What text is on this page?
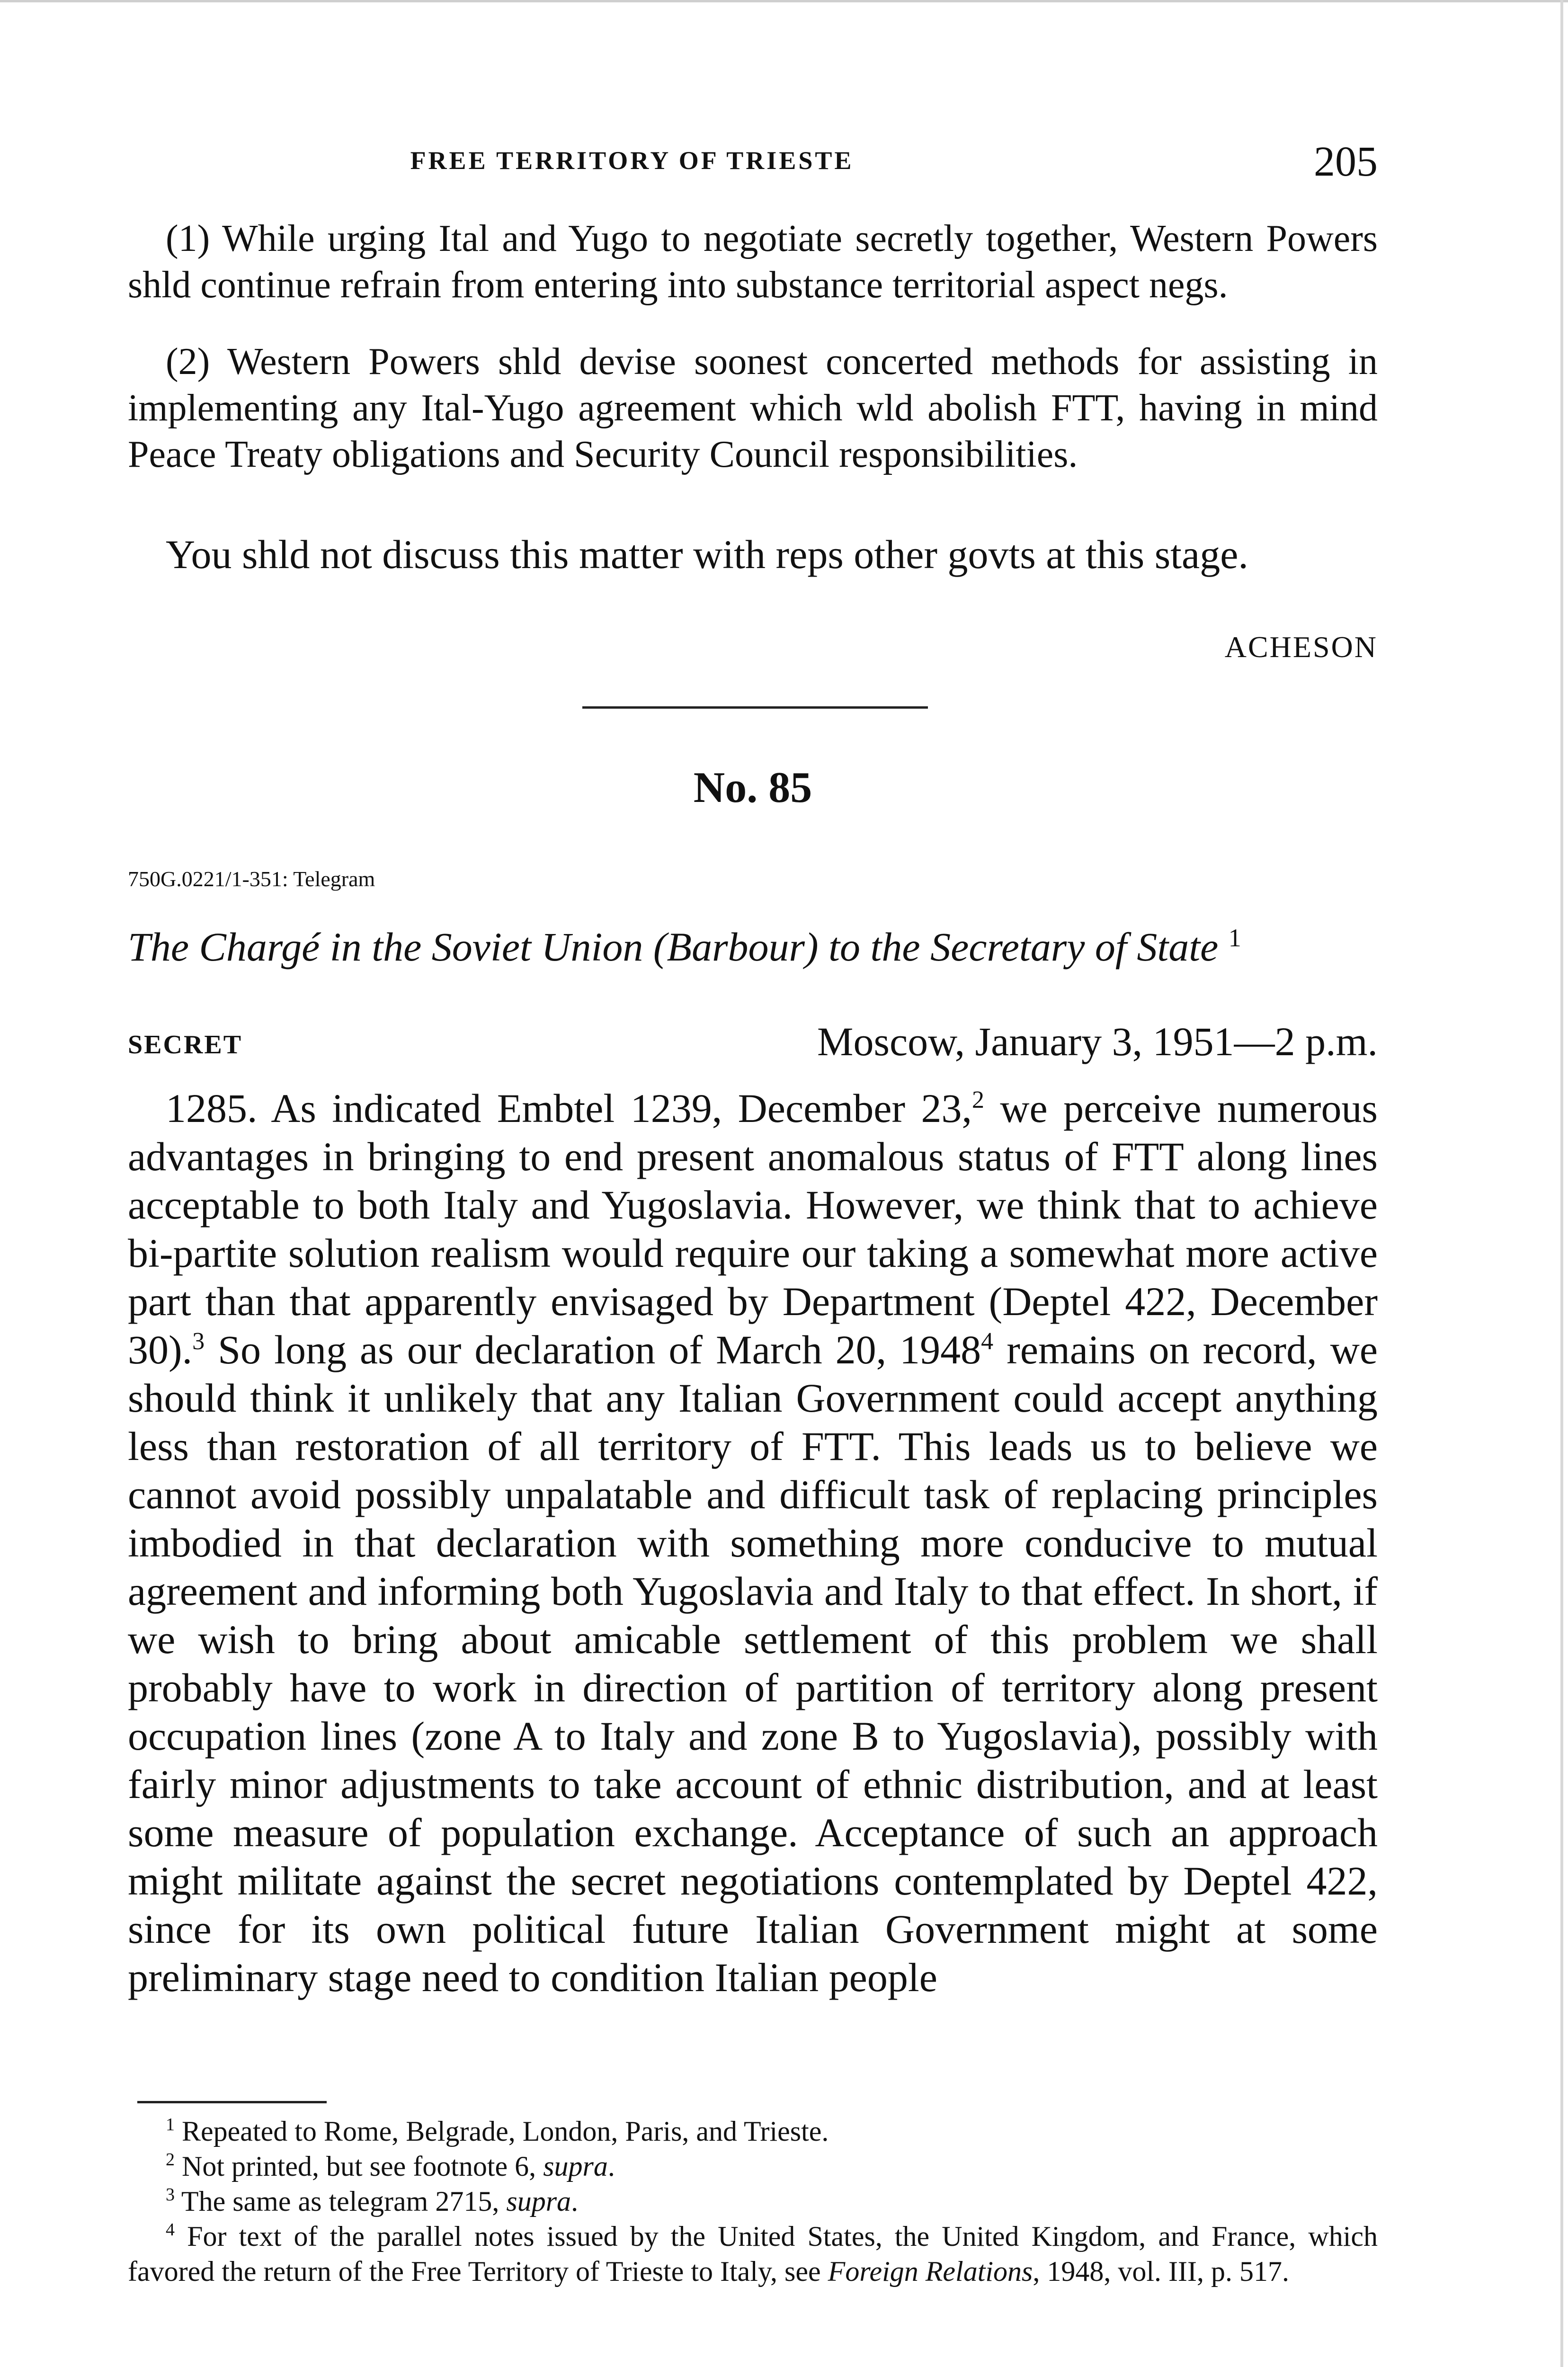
FREE TERRITORY OF TRIESTE	205

(1) While urging Ital and Yugo to negotiate secretly together, Western Powers shld continue refrain from entering into substance territorial aspect negs.

(2) Western Powers shld devise soonest concerted methods for assisting in implementing any Ital-Yugo agreement which wld abolish FTT, having in mind Peace Treaty obligations and Security Council responsibilities.

You shld not discuss this matter with reps other govts at this stage.

ACHESON
No. 85
750G.0221/1-351: Telegram
The Chargé in the Soviet Union (Barbour) to the Secretary of State $^1$
SECRET	Moscow, January 3, 1951—2 p.m.

1285. As indicated Embtel 1239, December 23,$^2$ we perceive numerous advantages in bringing to end present anomalous status of FTT along lines acceptable to both Italy and Yugoslavia. However, we think that to achieve bi-partite solution realism would require our taking a somewhat more active part than that apparently envisaged by Department (Deptel 422, December 30).$^3$ So long as our declaration of March 20, 1948$^4$ remains on record, we should think it unlikely that any Italian Government could accept anything less than restoration of all territory of FTT. This leads us to believe we cannot avoid possibly unpalatable and difficult task of replacing principles imbodied in that declaration with something more conducive to mutual agreement and informing both Yugoslavia and Italy to that effect. In short, if we wish to bring about amicable settlement of this problem we shall probably have to work in direction of partition of territory along present occupation lines (zone A to Italy and zone B to Yugoslavia), possibly with fairly minor adjustments to take account of ethnic distribution, and at least some measure of population exchange. Acceptance of such an approach might militate against the secret negotiations contemplated by Deptel 422, since for its own political future Italian Government might at some preliminary stage need to condition Italian people

$^1$ Repeated to Rome, Belgrade, London, Paris, and Trieste.

$^2$ Not printed, but see footnote 6, supra.

$^3$ The same as telegram 2715, supra.

$^4$ For text of the parallel notes issued by the United States, the United Kingdom, and France, which favored the return of the Free Territory of Trieste to Italy, see Foreign Relations, 1948, vol. III, p. 517.
